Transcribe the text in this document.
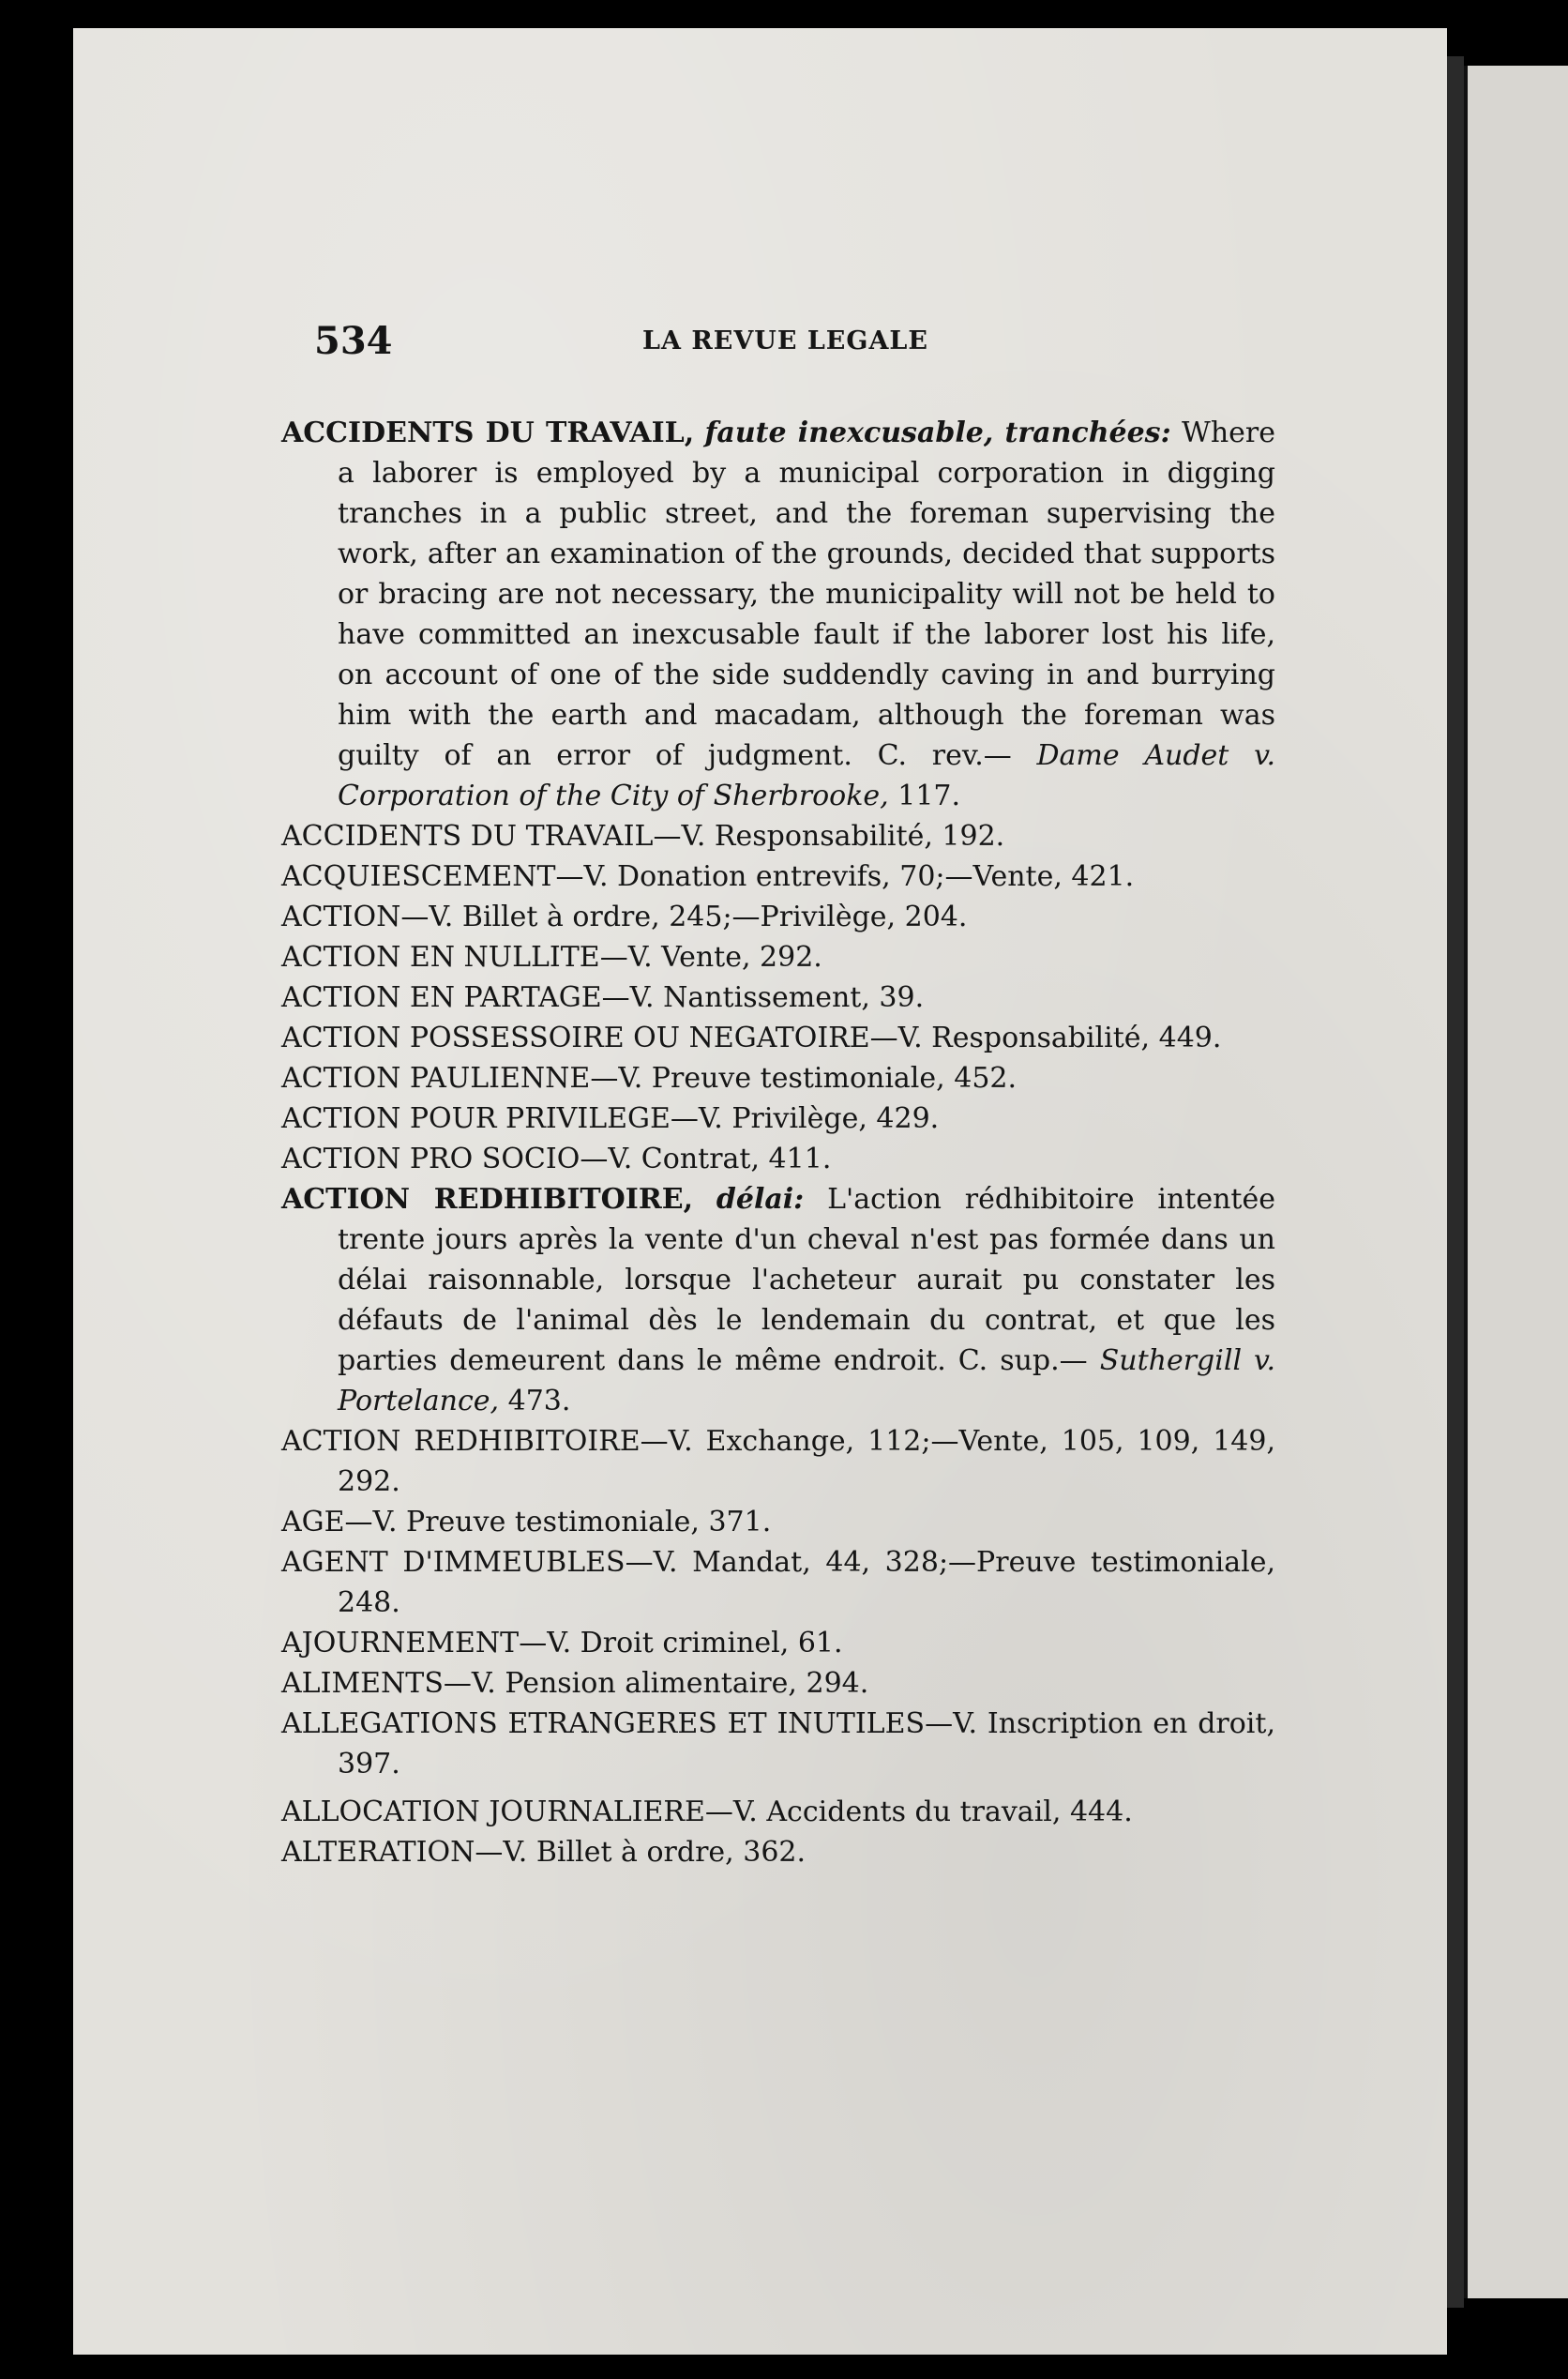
534	LA REVUE LEGALE
ACCIDENTS DU TRAVAIL, faute inexcusable, tranchées: Where a laborer is employed by a municipal corporation in digging tranches in a public street, and the foreman supervising the work, after an examination of the grounds, decided that supports or bracing are not necessary, the municipality will not be held to have committed an inexcusable fault if the laborer lost his life, on account of one of the side suddendly caving in and burrying him with the earth and macadam, although the foreman was guilty of an error of judgment. C. rev.— Dame Audet v. Corporation of the City of Sherbrooke, 117.
ACCIDENTS DU TRAVAIL—V. Responsabilité, 192.
ACQUIESCEMENT—V. Donation entrevifs, 70;—Vente, 421.
ACTION—V. Billet à ordre, 245;—Privilège, 204.
ACTION EN NULLITE—V. Vente, 292.
ACTION EN PARTAGE—V. Nantissement, 39.
ACTION POSSESSOIRE OU NEGATOIRE—V. Responsabilité, 449.
ACTION PAULIENNE—V. Preuve testimoniale, 452.
ACTION POUR PRIVILEGE—V. Privilège, 429.
ACTION PRO SOCIO—V. Contrat, 411.
ACTION REDHIBITOIRE, délai: L'action rédhibitoire intentée trente jours après la vente d'un cheval n'est pas formée dans un délai raisonnable, lorsque l'acheteur aurait pu constater les défauts de l'animal dès le lendemain du contrat, et que les parties demeurent dans le même endroit. C. sup.— Suthergill v. Portelance, 473.
ACTION REDHIBITOIRE—V. Exchange, 112;—Vente, 105, 109, 149, 292.
AGE—V. Preuve testimoniale, 371.
AGENT D'IMMEUBLES—V. Mandat, 44, 328;—Preuve testimoniale, 248.
AJOURNEMENT—V. Droit criminel, 61.
ALIMENTS—V. Pension alimentaire, 294.
ALLEGATIONS ETRANGERES ET INUTILES—V. Inscription en droit, 397.
ALLOCATION JOURNALIERE—V. Accidents du travail, 444.
ALTERATION—V. Billet à ordre, 362.
